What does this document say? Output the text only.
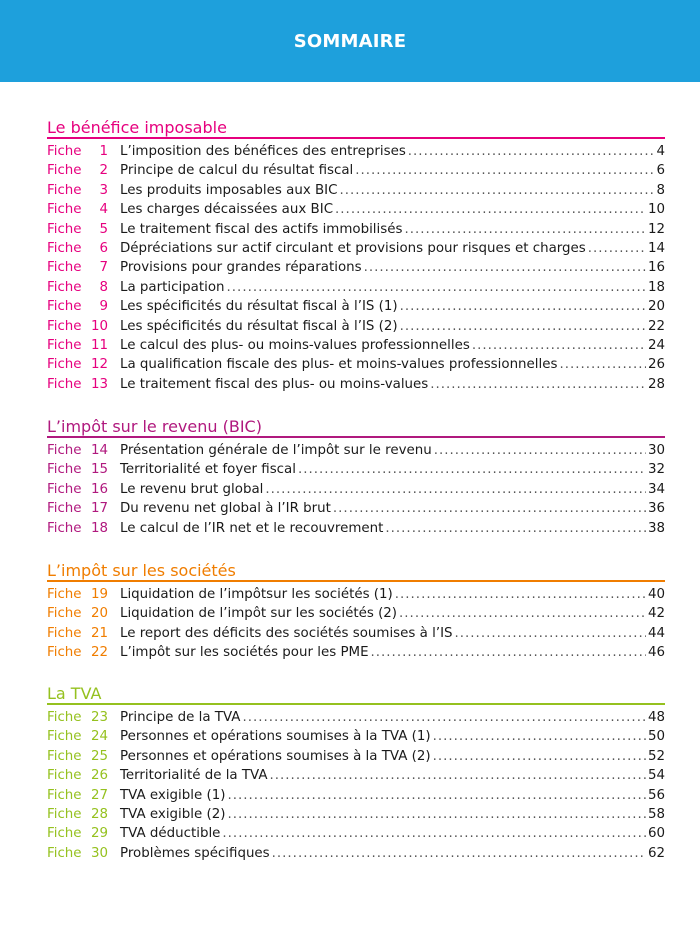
SOMMAIRE
Le bénéfice imposable
Fiche 1 L’imposition des bénéfices des entreprises .....	4
Fiche 2 Principe de calcul du résultat fiscal .....	6
Fiche 3 Les produits imposables aux BIC .....	8
Fiche 4 Les charges décaissées aux BIC .....	10
Fiche 5 Le traitement fiscal des actifs immobilisés .....	12
Fiche 6 Dépréciations sur actif circulant et provisions pour risques et charges .....	14
Fiche 7 Provisions pour grandes réparations .....	16
Fiche 8 La participation .....	18
Fiche 9 Les spécificités du résultat fiscal à l’IS (1) .....	20
Fiche 10 Les spécificités du résultat fiscal à l’IS (2) .....	22
Fiche 11 Le calcul des plus- ou moins-values professionnelles .....	24
Fiche 12 La qualification fiscale des plus- et moins-values professionnelles .....	26
Fiche 13 Le traitement fiscal des plus- ou moins-values .....	28
L’impôt sur le revenu (BIC)
Fiche 14 Présentation générale de l’impôt sur le revenu .....	30
Fiche 15 Territorialité et foyer fiscal .....	32
Fiche 16 Le revenu brut global .....	34
Fiche 17 Du revenu net global à l’IR brut .....	36
Fiche 18 Le calcul de l’IR net et le recouvrement .....	38
L’impôt sur les sociétés
Fiche 19 Liquidation de l’impôtsur les sociétés (1) .....	40
Fiche 20 Liquidation de l’impôt sur les sociétés (2) .....	42
Fiche 21 Le report des déficits des sociétés soumises à l’IS .....	44
Fiche 22 L’impôt sur les sociétés pour les PME .....	46
La TVA
Fiche 23 Principe de la TVA .....	48
Fiche 24 Personnes et opérations soumises à la TVA (1) .....	50
Fiche 25 Personnes et opérations soumises à la TVA (2) .....	52
Fiche 26 Territorialité de la TVA .....	54
Fiche 27 TVA exigible (1) .....	56
Fiche 28 TVA exigible (2) .....	58
Fiche 29 TVA déductible .....	60
Fiche 30 Problèmes spécifiques .....	62
